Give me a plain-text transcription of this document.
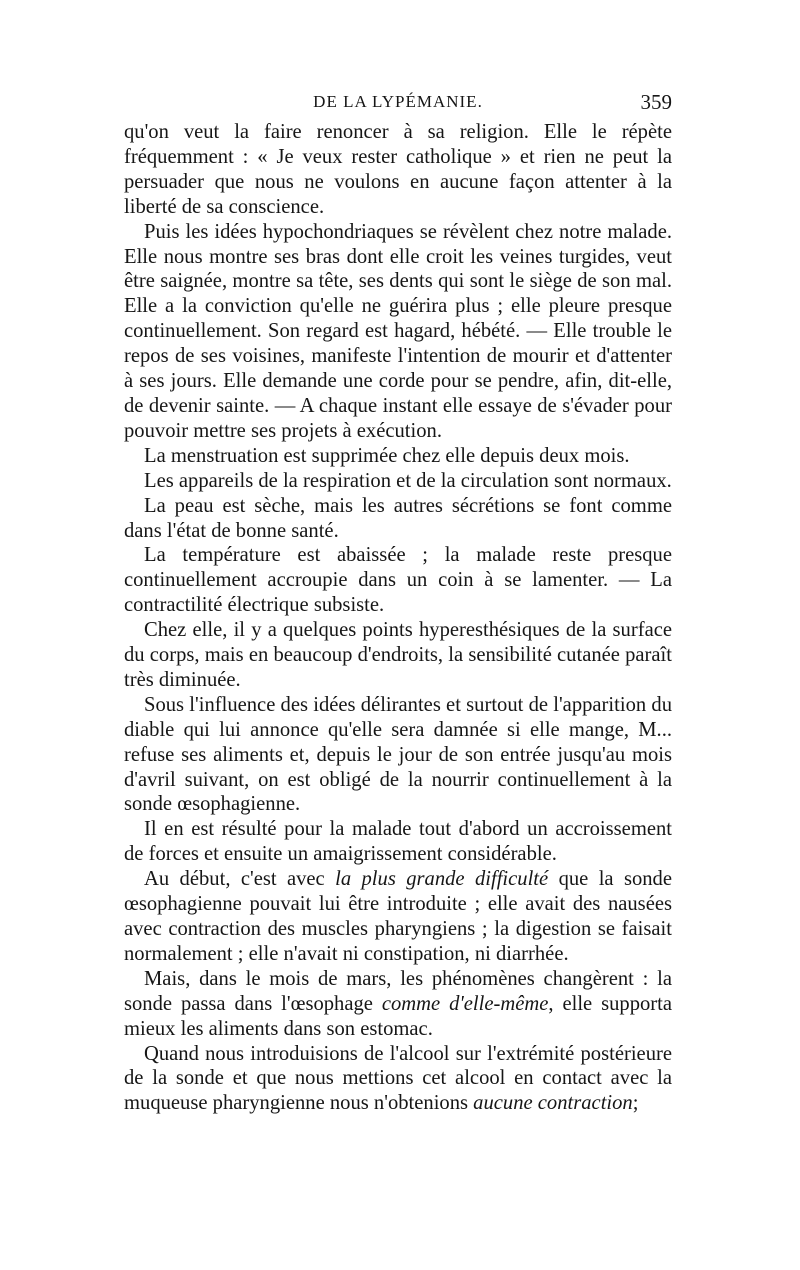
DE LA LYPÉMANIE.	359

qu'on veut la faire renoncer à sa religion. Elle le répète fréquemment : « Je veux rester catholique » et rien ne peut la persuader que nous ne voulons en aucune façon attenter à la liberté de sa conscience.

Puis les idées hypochondriaques se révèlent chez notre malade. Elle nous montre ses bras dont elle croit les veines turgides, veut être saignée, montre sa tête, ses dents qui sont le siège de son mal. Elle a la conviction qu'elle ne guérira plus ; elle pleure presque continuellement. Son regard est hagard, hébété. — Elle trouble le repos de ses voisines, manifeste l'intention de mourir et d'attenter à ses jours. Elle demande une corde pour se pendre, afin, dit-elle, de devenir sainte. — A chaque instant elle essaye de s'évader pour pouvoir mettre ses projets à exécution.

La menstruation est supprimée chez elle depuis deux mois.

Les appareils de la respiration et de la circulation sont normaux.

La peau est sèche, mais les autres sécrétions se font comme dans l'état de bonne santé.

La température est abaissée ; la malade reste presque continuellement accroupie dans un coin à se lamenter. — La contractilité électrique subsiste.

Chez elle, il y a quelques points hyperesthésiques de la surface du corps, mais en beaucoup d'endroits, la sensibilité cutanée paraît très diminuée.

Sous l'influence des idées délirantes et surtout de l'apparition du diable qui lui annonce qu'elle sera damnée si elle mange, M... refuse ses aliments et, depuis le jour de son entrée jusqu'au mois d'avril suivant, on est obligé de la nourrir continuellement à la sonde œsophagienne.

Il en est résulté pour la malade tout d'abord un accroissement de forces et ensuite un amaigrissement considérable.

Au début, c'est avec la plus grande difficulté que la sonde œsophagienne pouvait lui être introduite ; elle avait des nausées avec contraction des muscles pharyngiens ; la digestion se faisait normalement ; elle n'avait ni constipation, ni diarrhée.

Mais, dans le mois de mars, les phénomènes changèrent : la sonde passa dans l'œsophage comme d'elle-même, elle supporta mieux les aliments dans son estomac.

Quand nous introduisions de l'alcool sur l'extrémité postérieure de la sonde et que nous mettions cet alcool en contact avec la muqueuse pharyngienne nous n'obtenions aucune contraction;
